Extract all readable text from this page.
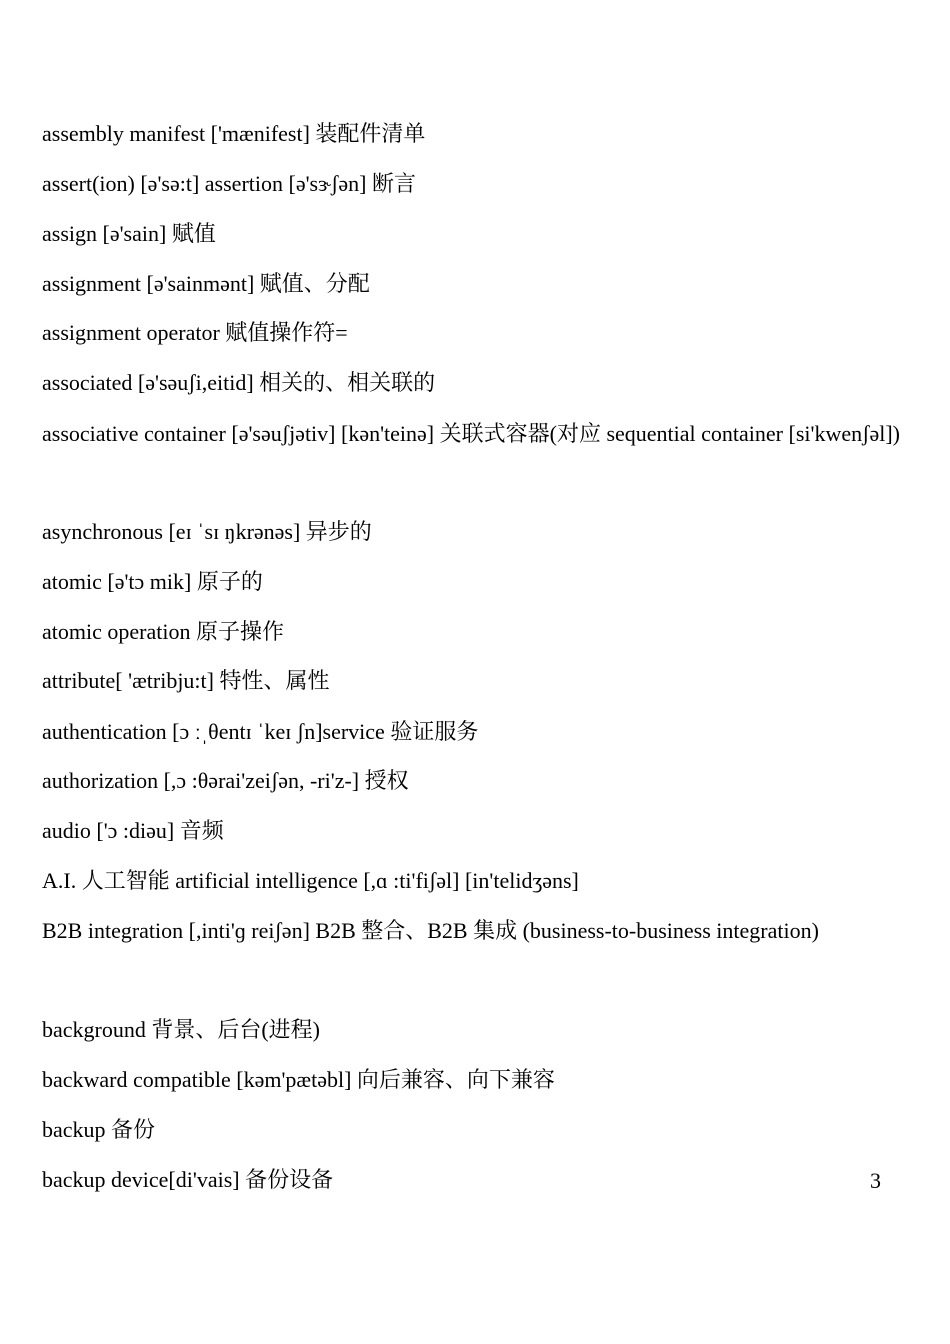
assembly manifest ['mænifest] 装配件清单
assert(ion) [ə'sə:t] assertion [ə'sɝʃən] 断言
assign [ə'sain] 赋值
assignment [ə'sainmənt] 赋值、分配
assignment operator 赋值操作符=
associated [ə'səuʃi,eitid] 相关的、相关联的
associative container [ə'səuʃjətiv] [kən'teinə] 关联式容器(对应 sequential container [si'kwenʃəl])
asynchronous [eɪ ˈsɪ ŋkrənəs] 异步的
atomic [ə'tɔ mik] 原子的
atomic operation 原子操作
attribute[ 'ætribju:t] 特性、属性
authentication [ɔ ːˌθentɪ ˈkeɪ ʃn]service 验证服务
authorization [,ɔ :θərai'zeiʃən, -ri'z-] 授权
audio ['ɔ :diəu] 音频
A.I. 人工智能 artificial intelligence [,ɑ :ti'fiʃəl] [in'telidʒəns]
B2B integration [,inti'ɡ reiʃən] B2B 整合、B2B 集成 (business-to-business integration)
background 背景、后台(进程)
backward compatible [kəm'pætəbl] 向后兼容、向下兼容
backup 备份
backup device[di'vais] 备份设备	3
